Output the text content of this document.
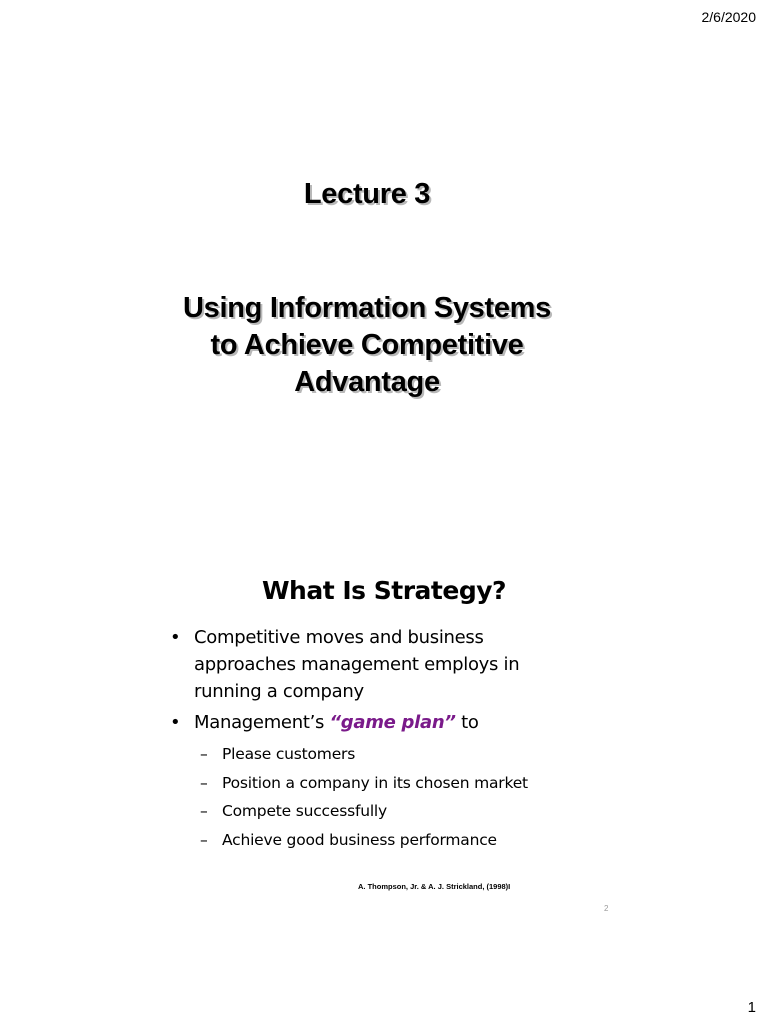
2/6/2020
Lecture 3
Using Information Systems
to Achieve Competitive
Advantage
What Is Strategy?
• Competitive moves and business
approaches management employs in
running a company
• Management’s “game plan” to
– Please customers
– Position a company in its chosen market
– Compete successfully
– Achieve good business performance
A. Thompson, Jr. & A. J. Strickland, (1998)I
2
1
